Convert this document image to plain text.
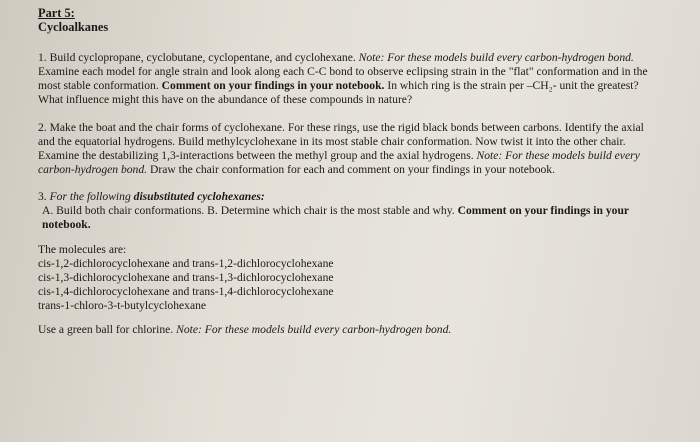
Part 5:

Cycloalkanes

1. Build cyclopropane, cyclobutane, cyclopentane, and cyclohexane. Note: For these models build every carbon-hydrogen bond. Examine each model for angle strain and look along each C-C bond to observe eclipsing strain in the "flat" conformation and in the most stable conformation. Comment on your findings in your notebook. In which ring is the strain per –CH₂- unit the greatest? What influence might this have on the abundance of these compounds in nature?

2. Make the boat and the chair forms of cyclohexane. For these rings, use the rigid black bonds between carbons. Identify the axial and the equatorial hydrogens. Build methylcyclohexane in its most stable chair conformation. Now twist it into the other chair. Examine the destabilizing 1,3-interactions between the methyl group and the axial hydrogens. Note: For these models build every carbon-hydrogen bond. Draw the chair conformation for each and comment on your findings in your notebook.

3. For the following disubstituted cyclohexanes:

A. Build both chair conformations. B. Determine which chair is the most stable and why. Comment on your findings in your notebook.

The molecules are:

cis-1,2-dichlorocyclohexane and trans-1,2-dichlorocyclohexane
cis-1,3-dichlorocyclohexane and trans-1,3-dichlorocyclohexane
cis-1,4-dichlorocyclohexane and trans-1,4-dichlorocyclohexane
trans-1-chloro-3-t-butylcyclohexane

Use a green ball for chlorine. Note: For these models build every carbon-hydrogen bond.
